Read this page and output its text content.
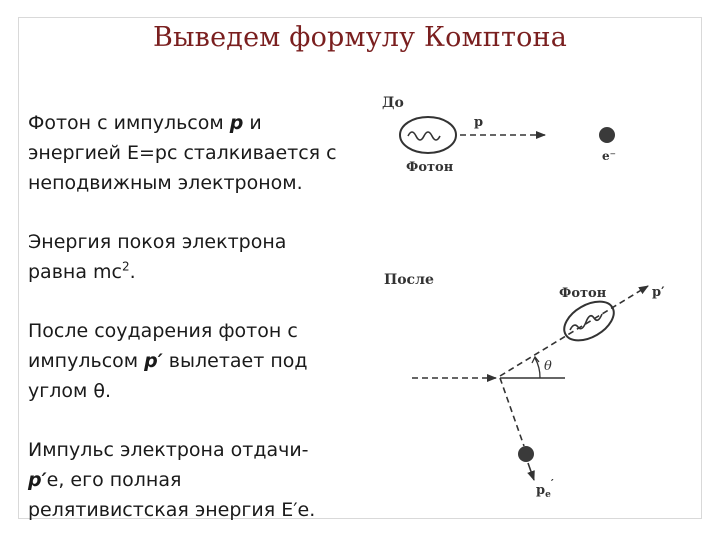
Выведем формулу Комптона

Фотон с импульсом p и энергией E=pc сталкивается с неподвижным электроном.

Энергия покоя электрона равна $mc^2$.

После соударения фотон с импульсом p′ вылетает под углом θ.

Импульс электрона отдачи- p′e, его полная релятивистская энергия E′e.

До
Фотон
p
e⁻
После
p′
Фотон
θ
$p_e'$
